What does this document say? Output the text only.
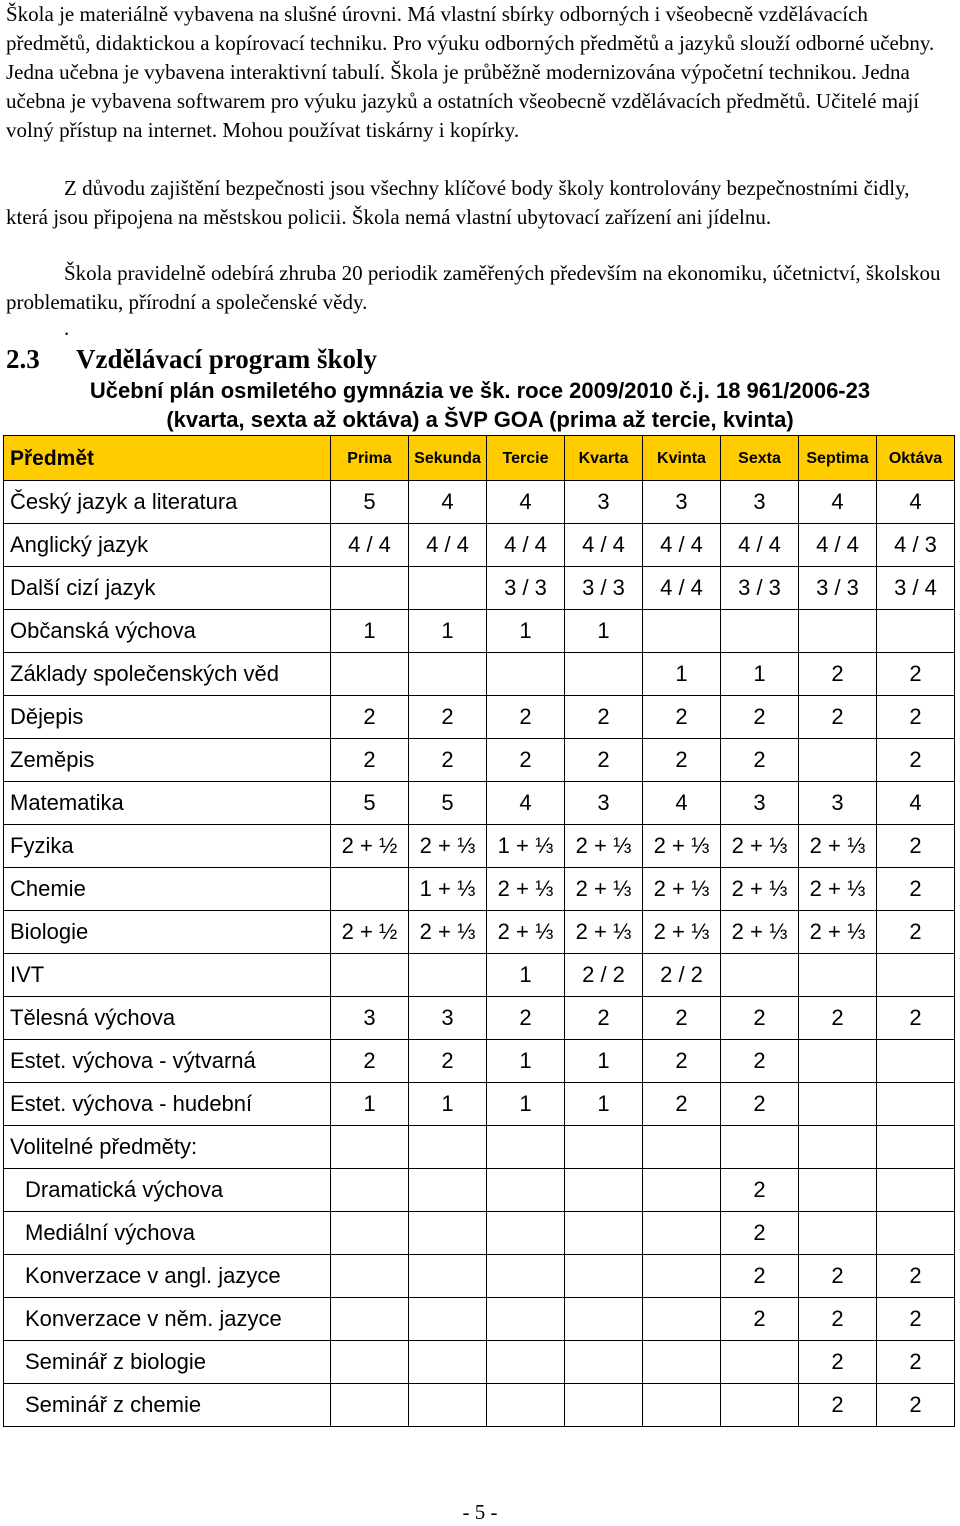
Škola je materiálně vybavena na slušné úrovni. Má vlastní sbírky odborných i všeobecně vzdělávacích předmětů, didaktickou a kopírovací techniku. Pro výuku odborných předmětů a jazyků slouží odborné učebny. Jedna učebna je vybavena interaktivní tabulí. Škola je průběžně modernizována výpočetní technikou. Jedna učebna je vybavena softwarem pro výuku jazyků a ostatních všeobecně vzdělávacích předmětů. Učitelé mají volný přístup na internet. Mohou používat tiskárny i kopírky.
Z důvodu zajištění bezpečnosti jsou všechny klíčové body školy kontrolovány bezpečnostními čidly, která jsou připojena na městskou policii. Škola nemá vlastní ubytovací zařízení ani jídelnu.
Škola pravidelně odebírá zhruba 20 periodik zaměřených především na ekonomiku, účetnictví, školskou problematiku, přírodní a společenské vědy.
.
2.3 Vzdělávací program školy
Učební plán osmiletého gymnázia ve šk. roce 2009/2010 č.j. 18 961/2006-23
(kvarta, sexta až oktáva) a ŠVP GOA (prima až tercie, kvinta)
Předmět	Prima	Sekunda	Tercie	Kvarta	Kvinta	Sexta	Septima	Oktáva
Český jazyk a literatura	5	4	4	3	3	3	4	4
Anglický jazyk	4 / 4	4 / 4	4 / 4	4 / 4	4 / 4	4 / 4	4 / 4	4 / 3
Další cizí jazyk			3 / 3	3 / 3	4 / 4	3 / 3	3 / 3	3 / 4
Občanská výchova	1	1	1	1				
Základy společenských věd					1	1	2	2
Dějepis	2	2	2	2	2	2	2	2
Zeměpis	2	2	2	2	2	2		2
Matematika	5	5	4	3	4	3	3	4
Fyzika	2 + ½	2 + ⅓	1 + ⅓	2 + ⅓	2 + ⅓	2 + ⅓	2 + ⅓	2
Chemie		1 + ⅓	2 + ⅓	2 + ⅓	2 + ⅓	2 + ⅓	2 + ⅓	2
Biologie	2 + ½	2 + ⅓	2 + ⅓	2 + ⅓	2 + ⅓	2 + ⅓	2 + ⅓	2
IVT			1	2 / 2	2 / 2			
Tělesná výchova	3	3	2	2	2	2	2	2
Estet. výchova - výtvarná	2	2	1	1	2	2		
Estet. výchova - hudební	1	1	1	1	2	2		
Volitelné předměty:								
Dramatická výchova						2		
Mediální výchova						2		
Konverzace v angl. jazyce						2	2	2
Konverzace v něm. jazyce						2	2	2
Seminář z biologie							2	2
Seminář z chemie							2	2
- 5 -
